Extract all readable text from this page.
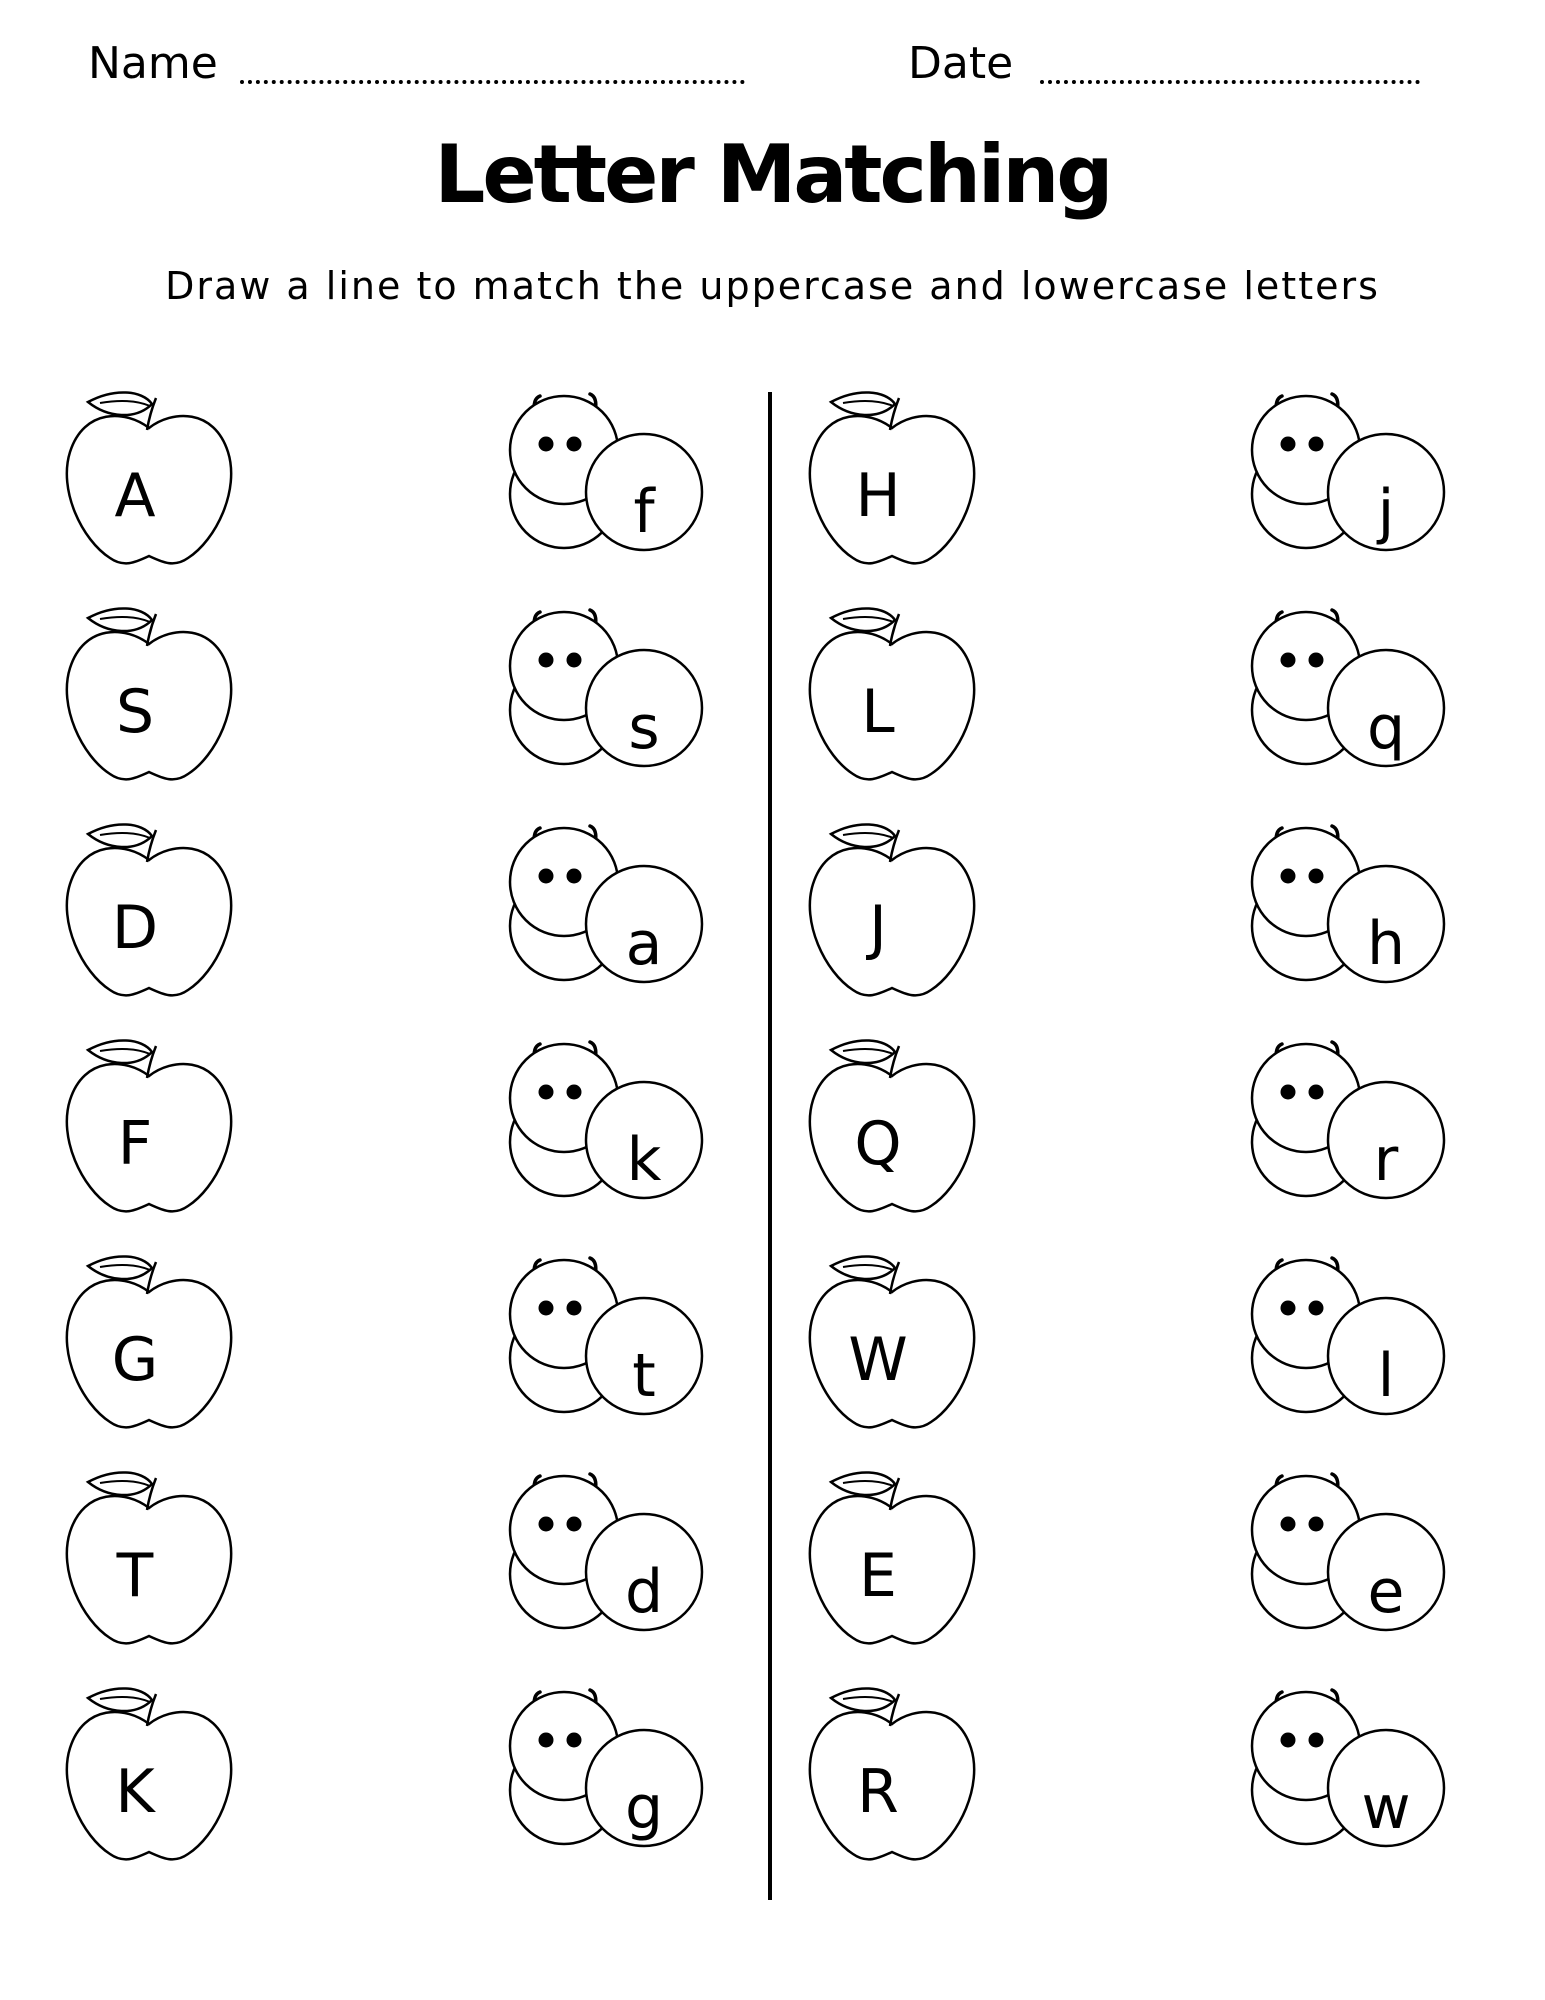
Name	Date
Letter Matching
Draw a line to match the uppercase and lowercase letters
A
S
D
F
G
T
K
f
s
a
k
t
d
g
H
L
J
Q
W
E
R
j
q
h
r
l
e
w
